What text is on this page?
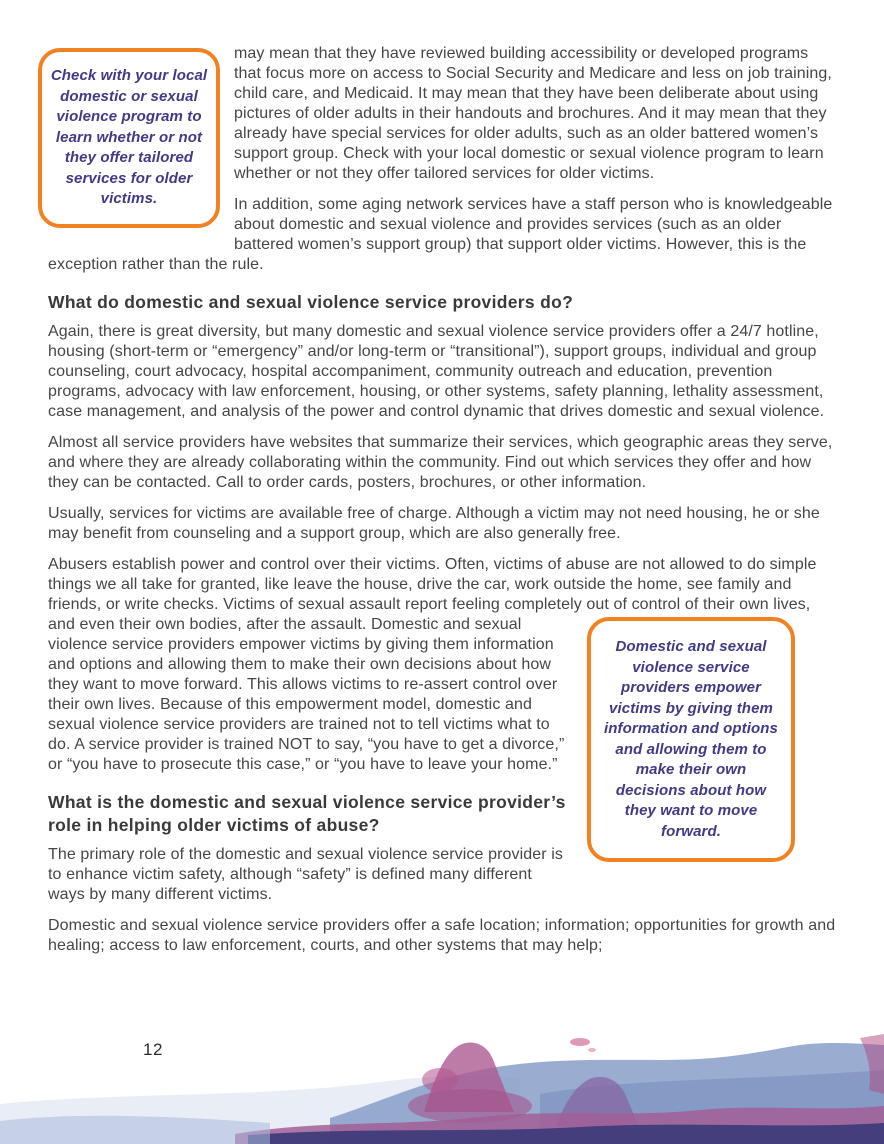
Check with your local domestic or sexual violence program to learn whether or not they offer tailored services for older victims.

may mean that they have reviewed building accessibility or developed programs that focus more on access to Social Security and Medicare and less on job training, child care, and Medicaid. It may mean that they have been deliberate about using pictures of older adults in their handouts and brochures. And it may mean that they already have special services for older adults, such as an older battered women’s support group. Check with your local domestic or sexual violence program to learn whether or not they offer tailored services for older victims.

In addition, some aging network services have a staff person who is knowledgeable about domestic and sexual violence and provides services (such as an older battered women’s support group) that support older victims. However, this is the exception rather than the rule.

What do domestic and sexual violence service providers do?

Again, there is great diversity, but many domestic and sexual violence service providers offer a 24/7 hotline, housing (short-term or “emergency” and/or long-term or “transitional”), support groups, individual and group counseling, court advocacy, hospital accompaniment, community outreach and education, prevention programs, advocacy with law enforcement, housing, or other systems, safety planning, lethality assessment, case management, and analysis of the power and control dynamic that drives domestic and sexual violence.

Almost all service providers have websites that summarize their services, which geographic areas they serve, and where they are already collaborating within the community. Find out which services they offer and how they can be contacted. Call to order cards, posters, brochures, or other information.

Usually, services for victims are available free of charge. Although a victim may not need housing, he or she may benefit from counseling and a support group, which are also generally free.

Abusers establish power and control over their victims. Often, victims of abuse are not allowed to do simple things we all take for granted, like leave the house, drive the car, work outside the home, see family and friends, or write checks. Victims of sexual assault report feeling completely out of control of
Domestic and sexual violence service providers empower victims by giving them information and options and allowing them to make their own decisions about how they want to move forward.
their own lives, and even their own bodies, after the assault. Domestic and sexual violence service providers empower victims by giving them information and options and allowing them to make their own decisions about how they want to move forward. This allows victims to re-assert control over their own lives. Because of this empowerment model, domestic and sexual violence service providers are trained not to tell victims what to do. A service provider is trained NOT to say, “you have to get a divorce,” or “you have to prosecute this case,” or “you have to leave your home.”

What is the domestic and sexual violence service provider’s role in helping older victims of abuse?

The primary role of the domestic and sexual violence service provider is to enhance victim safety, although “safety” is defined many different ways by many different victims.

Domestic and sexual violence service providers offer a safe location; information; opportunities for growth and healing; access to law enforcement, courts, and other systems that may help;

12
